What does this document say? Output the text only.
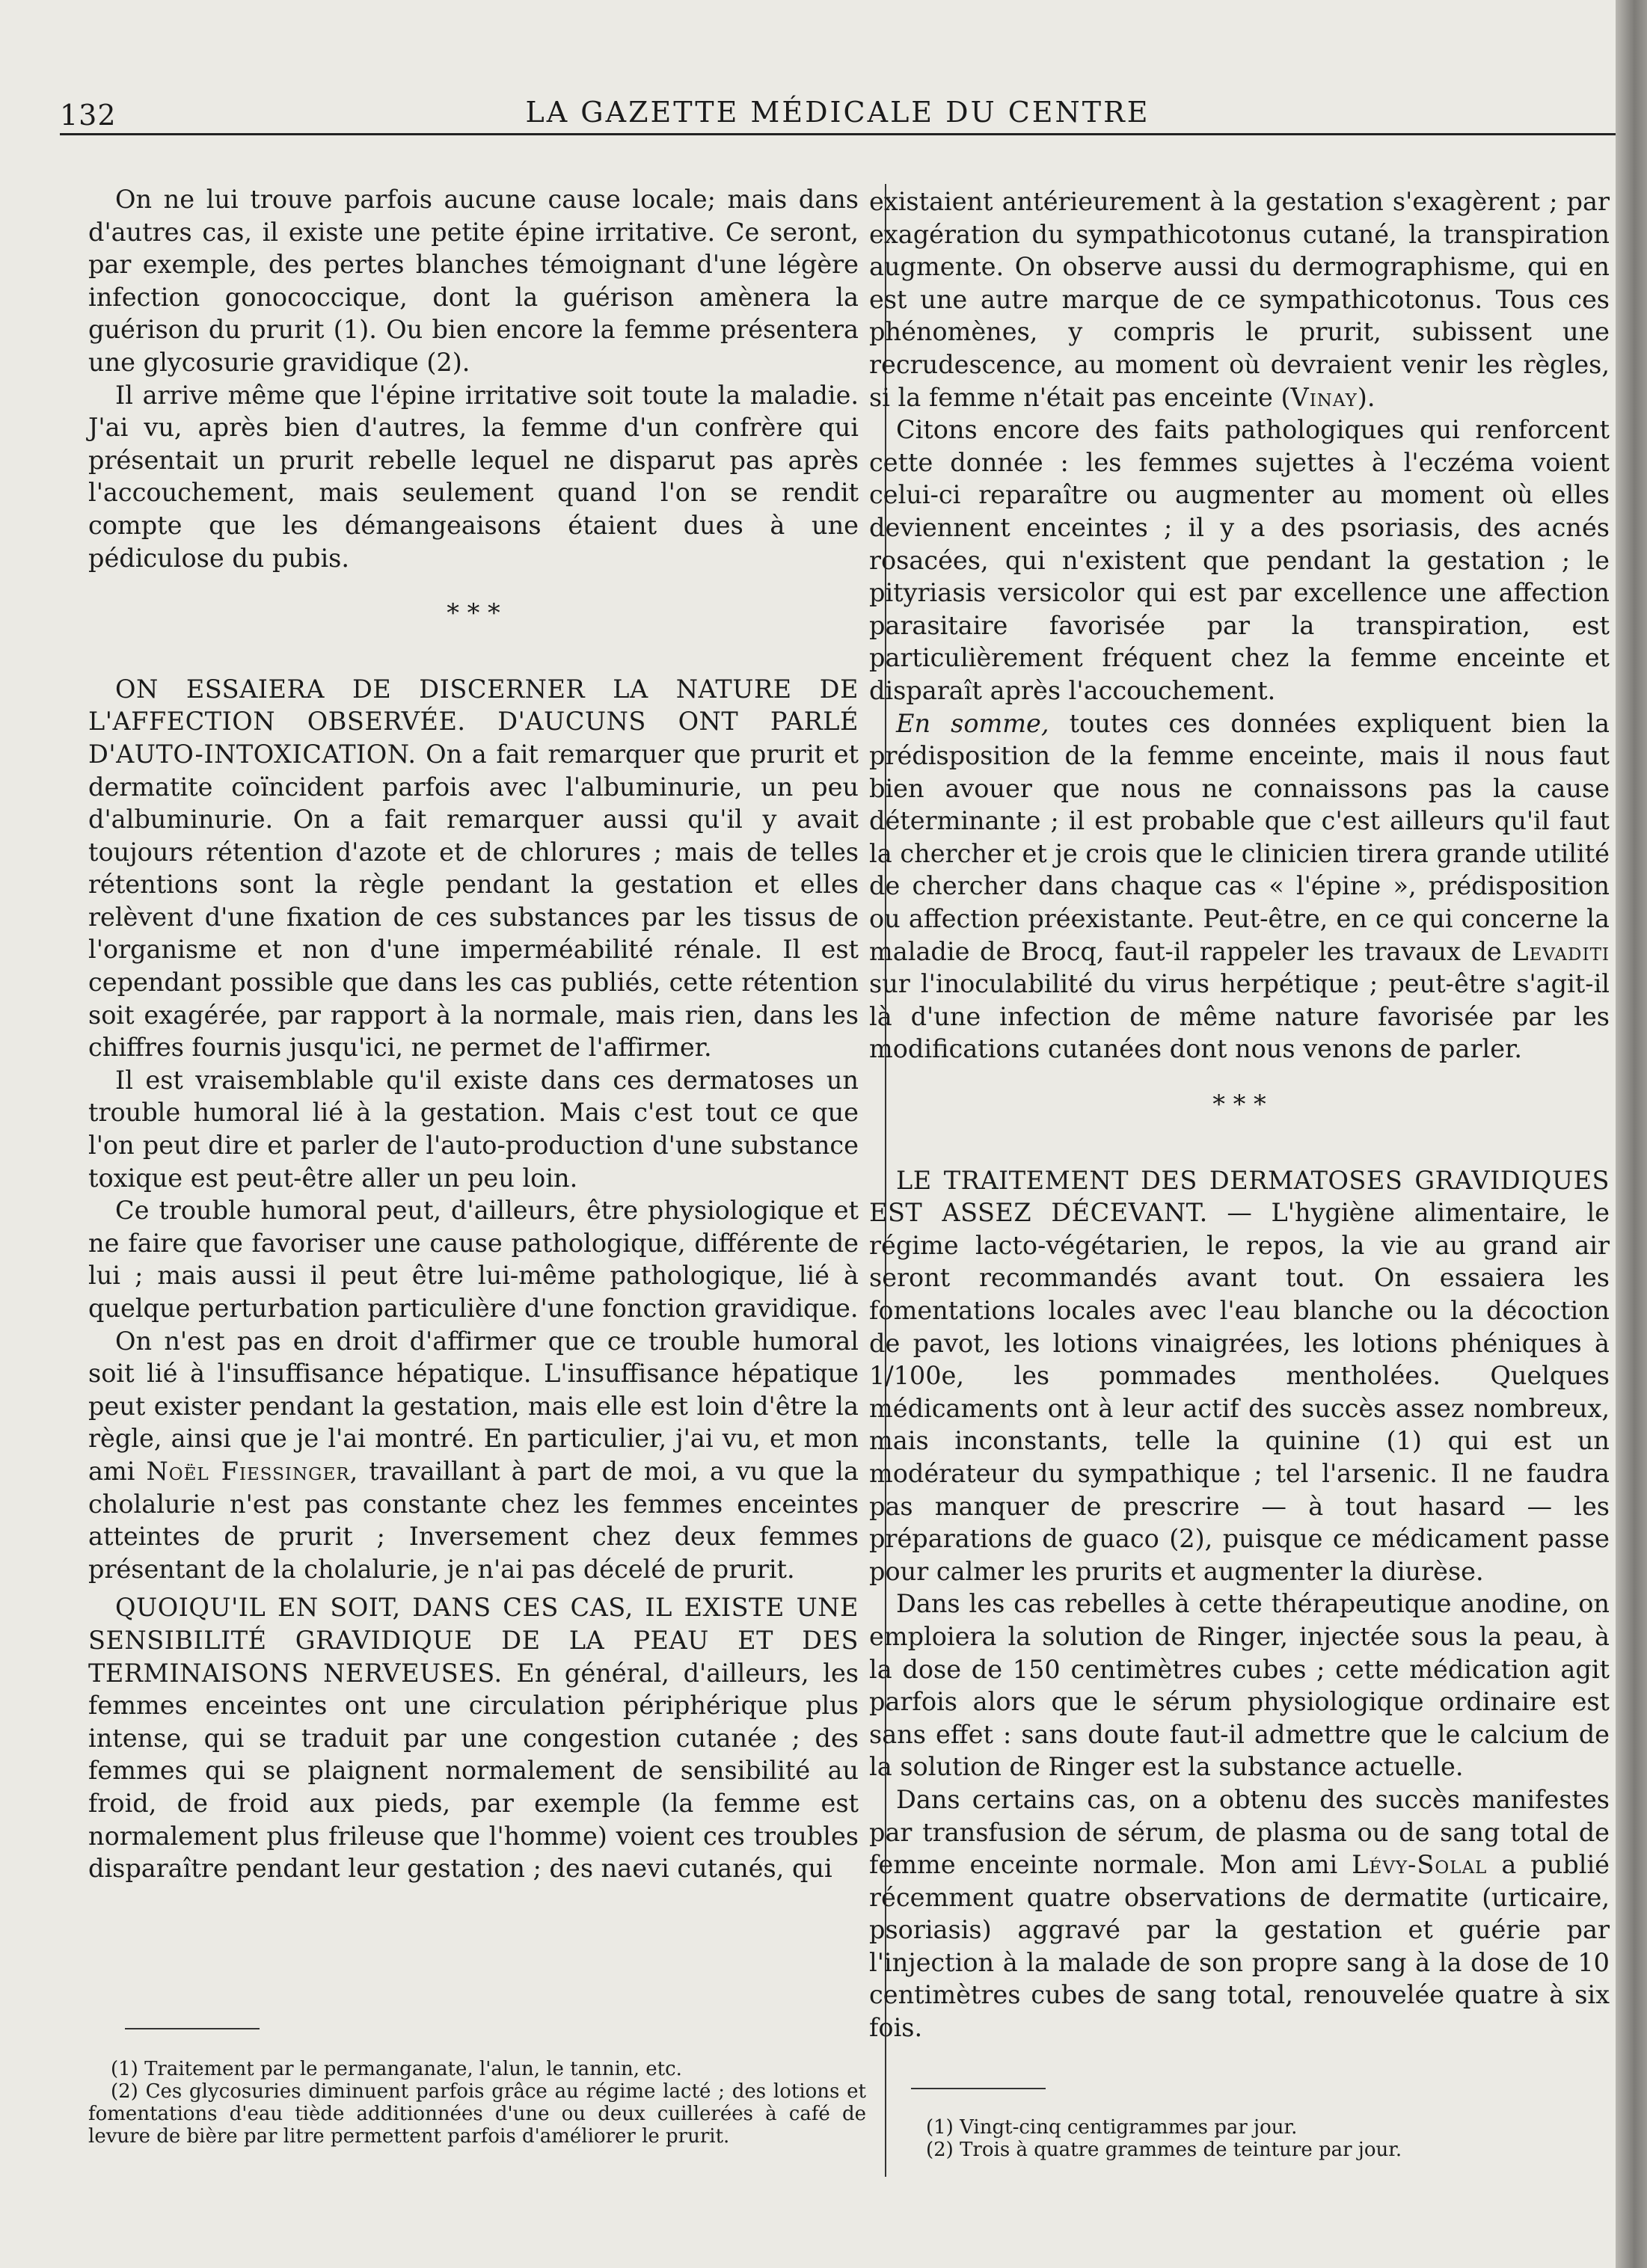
132	LA GAZETTE MÉDICALE DU CENTRE

On ne lui trouve parfois aucune cause locale; mais dans d'autres cas, il existe une petite épine irritative. Ce seront, par exemple, des pertes blanches témoignant d'une légère infection gonococcique, dont la guérison amènera la guérison du prurit (1). Ou bien encore la femme présentera une glycosurie gravidique (2).

Il arrive même que l'épine irritative soit toute la maladie. J'ai vu, après bien d'autres, la femme d'un confrère qui présentait un prurit rebelle lequel ne disparut pas après l'accouchement, mais seulement quand l'on se rendit compte que les démangeaisons étaient dues à une pédiculose du pubis.

* * *

ON ESSAIERA DE DISCERNER LA NATURE DE L'AFFECTION OBSERVÉE. D'AUCUNS ONT PARLÉ D'AUTO-INTOXICATION. On a fait remarquer que prurit et dermatite coïncident parfois avec l'albuminurie, un peu d'albuminurie. On a fait remarquer aussi qu'il y avait toujours rétention d'azote et de chlorures ; mais de telles rétentions sont la règle pendant la gestation et elles relèvent d'une fixation de ces substances par les tissus de l'organisme et non d'une imperméabilité rénale. Il est cependant possible que dans les cas publiés, cette rétention soit exagérée, par rapport à la normale, mais rien, dans les chiffres fournis jusqu'ici, ne permet de l'affirmer.

Il est vraisemblable qu'il existe dans ces dermatoses un trouble humoral lié à la gestation. Mais c'est tout ce que l'on peut dire et parler de l'auto-production d'une substance toxique est peut-être aller un peu loin.

Ce trouble humoral peut, d'ailleurs, être physiologique et ne faire que favoriser une cause pathologique, différente de lui ; mais aussi il peut être lui-même pathologique, lié à quelque perturbation particulière d'une fonction gravidique.

On n'est pas en droit d'affirmer que ce trouble humoral soit lié à l'insuffisance hépatique. L'insuffisance hépatique peut exister pendant la gestation, mais elle est loin d'être la règle, ainsi que je l'ai montré. En particulier, j'ai vu, et mon ami Noël Fiessinger, travaillant à part de moi, a vu que la cholalurie n'est pas constante chez les femmes enceintes atteintes de prurit ; Inversement chez deux femmes présentant de la cholalurie, je n'ai pas décelé de prurit.

QUOIQU'IL EN SOIT, DANS CES CAS, IL EXISTE UNE SENSIBILITÉ GRAVIDIQUE DE LA PEAU ET DES TERMINAISONS NERVEUSES. En général, d'ailleurs, les femmes enceintes ont une circulation périphérique plus intense, qui se traduit par une congestion cutanée ; des femmes qui se plaignent normalement de sensibilité au froid, de froid aux pieds, par exemple (la femme est normalement plus frileuse que l'homme) voient ces troubles disparaître pendant leur gestation ; des naevi cutanés, qui

(1) Traitement par le permanganate, l'alun, le tannin, etc.

(2) Ces glycosuries diminuent parfois grâce au régime lacté ; des lotions et fomentations d'eau tiède additionnées d'une ou deux cuillerées à café de levure de bière par litre permettent parfois d'améliorer le prurit.

existaient antérieurement à la gestation s'exagèrent ; par exagération du sympathicotonus cutané, la transpiration augmente. On observe aussi du dermographisme, qui en est une autre marque de ce sympathicotonus. Tous ces phénomènes, y compris le prurit, subissent une recrudescence, au moment où devraient venir les règles, si la femme n'était pas enceinte (Vinay).

Citons encore des faits pathologiques qui renforcent cette donnée : les femmes sujettes à l'eczéma voient celui-ci reparaître ou augmenter au moment où elles deviennent enceintes ; il y a des psoriasis, des acnés rosacées, qui n'existent que pendant la gestation ; le pityriasis versicolor qui est par excellence une affection parasitaire favorisée par la transpiration, est particulièrement fréquent chez la femme enceinte et disparaît après l'accouchement.

En somme, toutes ces données expliquent bien la prédisposition de la femme enceinte, mais il nous faut bien avouer que nous ne connaissons pas la cause déterminante ; il est probable que c'est ailleurs qu'il faut la chercher et je crois que le clinicien tirera grande utilité de chercher dans chaque cas « l'épine », prédisposition ou affection préexistante. Peut-être, en ce qui concerne la maladie de Brocq, faut-il rappeler les travaux de Levaditi sur l'inoculabilité du virus herpétique ; peut-être s'agit-il là d'une infection de même nature favorisée par les modifications cutanées dont nous venons de parler.

* * *

LE TRAITEMENT DES DERMATOSES GRAVIDIQUES EST ASSEZ DÉCEVANT. — L'hygiène alimentaire, le régime lacto-végétarien, le repos, la vie au grand air seront recommandés avant tout. On essaiera les fomentations locales avec l'eau blanche ou la décoction de pavot, les lotions vinaigrées, les lotions phéniques à 1/100e, les pommades mentholées. Quelques médicaments ont à leur actif des succès assez nombreux, mais inconstants, telle la quinine (1) qui est un modérateur du sympathique ; tel l'arsenic. Il ne faudra pas manquer de prescrire — à tout hasard — les préparations de guaco (2), puisque ce médicament passe pour calmer les prurits et augmenter la diurèse.

Dans les cas rebelles à cette thérapeutique anodine, on emploiera la solution de Ringer, injectée sous la peau, à la dose de 150 centimètres cubes ; cette médication agit parfois alors que le sérum physiologique ordinaire est sans effet : sans doute faut-il admettre que le calcium de la solution de Ringer est la substance actuelle.

Dans certains cas, on a obtenu des succès manifestes par transfusion de sérum, de plasma ou de sang total de femme enceinte normale. Mon ami Lévy-Solal a publié récemment quatre observations de dermatite (urticaire, psoriasis) aggravé par la gestation et guérie par l'injection à la malade de son propre sang à la dose de 10 centimètres cubes de sang total, renouvelée quatre à six fois.

(1) Vingt-cinq centigrammes par jour.

(2) Trois à quatre grammes de teinture par jour.
